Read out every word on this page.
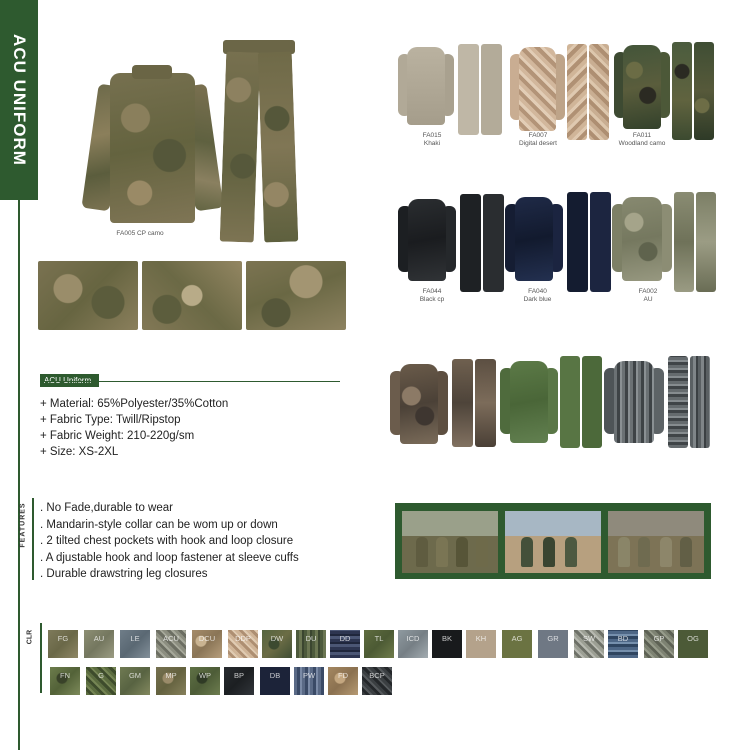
ACU UNIFORM
FA005 CP camo
FA015
Khaki
FA007
Digital desert
FA011
Woodland camo
FA044
Black cp
FA040
Dark blue
FA002
AU
+ Material: 65%Polyester/35%Cotton
+ Fabric Type: Twill/Ripstop
+ Fabric Weight: 210-220g/sm
+ Size: XS-2XL
FEATURES . No Fade,durable to wear
. Mandarin-style collar can be wom up or down
. 2 tilted chest pockets with hook and loop closure
. A djustable hook and loop fastener at sleeve cuffs
. Durable drawstring leg closures
CLR	FG	AU	LE	ACU	DCU	DDP	DW	DU	DD	TL	ICD	BK	KH	AG	GR	SW	BD	GP	OG
FN	G	GM	MP	WP	BP	DB	PW	FD	BCP
